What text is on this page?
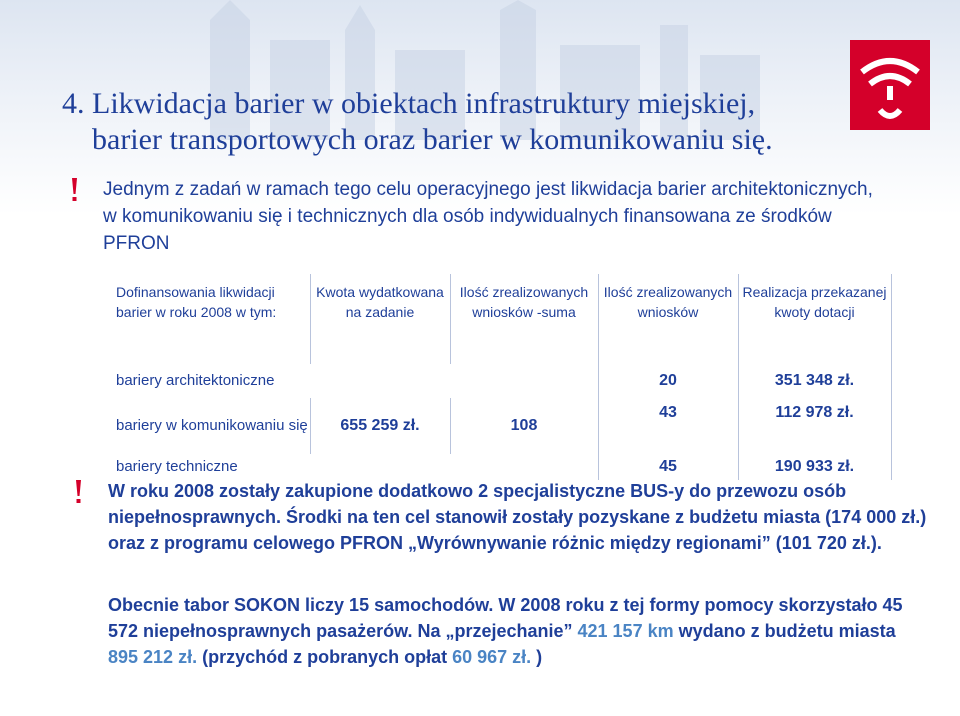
4. Likwidacja barier w obiektach infrastruktury miejskiej,
barier transportowych oraz barier w komunikowaniu się.

Jednym z zadań w ramach tego celu operacyjnego jest likwidacja barier architektonicznych, w komunikowaniu się i technicznych dla osób indywidualnych finansowana ze środków PFRON

Dofinansowania likwidacji barier w roku 2008 w tym:	Kwota wydatkowana na zadanie	Ilość zrealizowanych wniosków -suma	Ilość zrealizowanych wniosków	Realizacja przekazanej kwoty dotacji
bariery architektoniczne			20	351 348 zł.
bariery w komunikowaniu się	655 259 zł.	108	43	112 978 zł.
bariery techniczne			45	190 933 zł.

W roku 2008 zostały zakupione dodatkowo 2 specjalistyczne BUS-y do przewozu osób niepełnosprawnych. Środki na ten cel stanowił zostały pozyskane z budżetu miasta (174 000 zł.) oraz z programu celowego PFRON „Wyrównywanie różnic między regionami” (101 720 zł.).

Obecnie tabor SOKON liczy 15 samochodów. W 2008 roku z tej formy pomocy skorzystało 45 572 niepełnosprawnych pasażerów. Na „przejechanie” 421 157 km wydano z budżetu miasta 895 212 zł. (przychód z pobranych opłat 60 967 zł. )
